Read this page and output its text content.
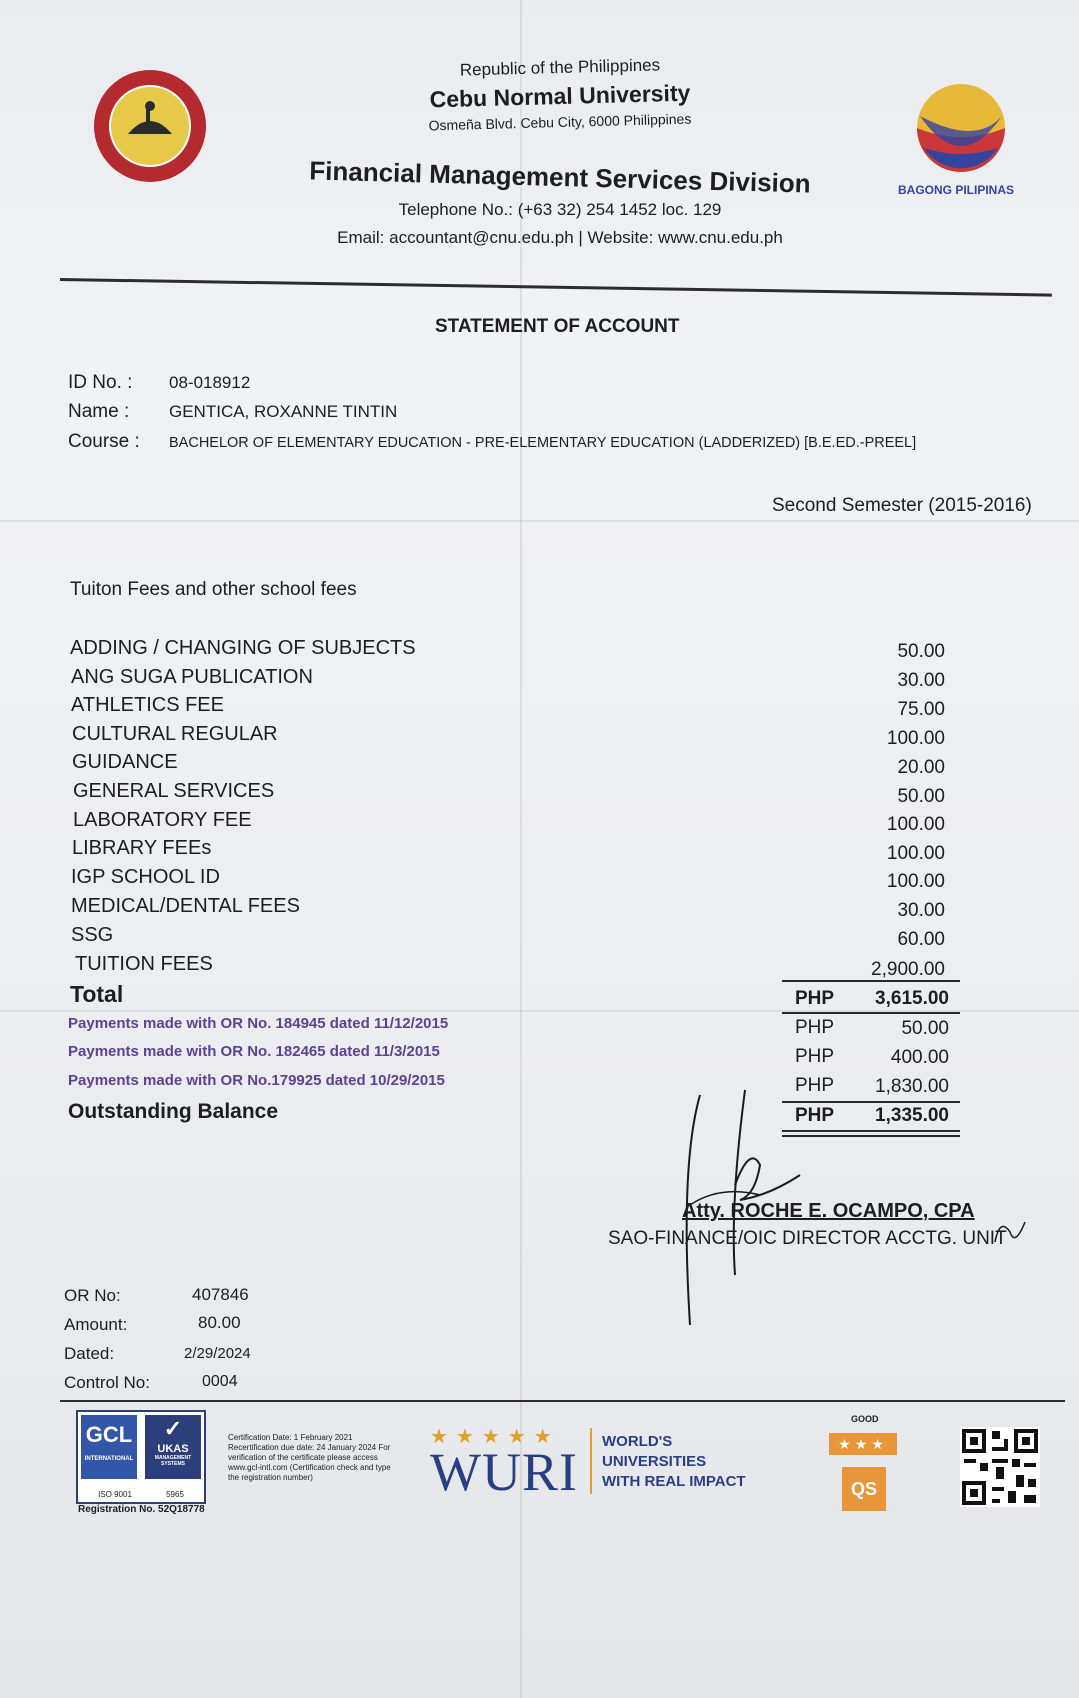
BAGONG PILIPINAS
Republic of the Philippines
Cebu Normal University
Osmeña Blvd. Cebu City, 6000 Philippines
Financial Management Services Division
Telephone No.: (+63 32) 254 1452 loc. 129
Email: accountant@cnu.edu.ph | Website: www.cnu.edu.ph
STATEMENT OF ACCOUNT
ID No. : 08-018912
Name : GENTICA, ROXANNE TINTIN
Course : BACHELOR OF ELEMENTARY EDUCATION - PRE-ELEMENTARY EDUCATION (LADDERIZED) [B.E.ED.-PREEL]
Second Semester (2015-2016)
Tuiton Fees and other school fees
ADDING / CHANGING OF SUBJECTS	50.00
ANG SUGA PUBLICATION	30.00
ATHLETICS FEE	75.00
CULTURAL REGULAR	100.00
GUIDANCE	20.00
GENERAL SERVICES	50.00
LABORATORY FEE	100.00
LIBRARY FEEs	100.00
IGP SCHOOL ID	100.00
MEDICAL/DENTAL FEES	30.00
SSG	60.00
TUITION FEES	2,900.00
Total	PHP 3,615.00
Payments made with OR No. 184945 dated 11/12/2015	PHP	50.00
Payments made with OR No. 182465 dated 11/3/2015	PHP	400.00
Payments made with OR No.179925 dated 10/29/2015	PHP 1,830.00
Outstanding Balance	PHP 1,335.00
Atty. ROCHE E. OCAMPO, CPA
SAO-FINANCE/OIC DIRECTOR ACCTG. UNIT
OR No:	407846
Amount:	80.00
Dated:	2/29/2024
Control No:	0004
GCL
INTERNATIONAL
✓
UKAS
MANAGEMENT SYSTEMS
ISO 9001	5965
Registration No. 52Q18778
Certification Date: 1 February 2021 Recertification due date: 24 January 2024 For verification of the certificate please access www.gcl-intl.com (Certification check and type the registration number)
★★★★★
WURI
WORLD'S
UNIVERSITIES
WITH REAL IMPACT
GOOD
★★★
QS
